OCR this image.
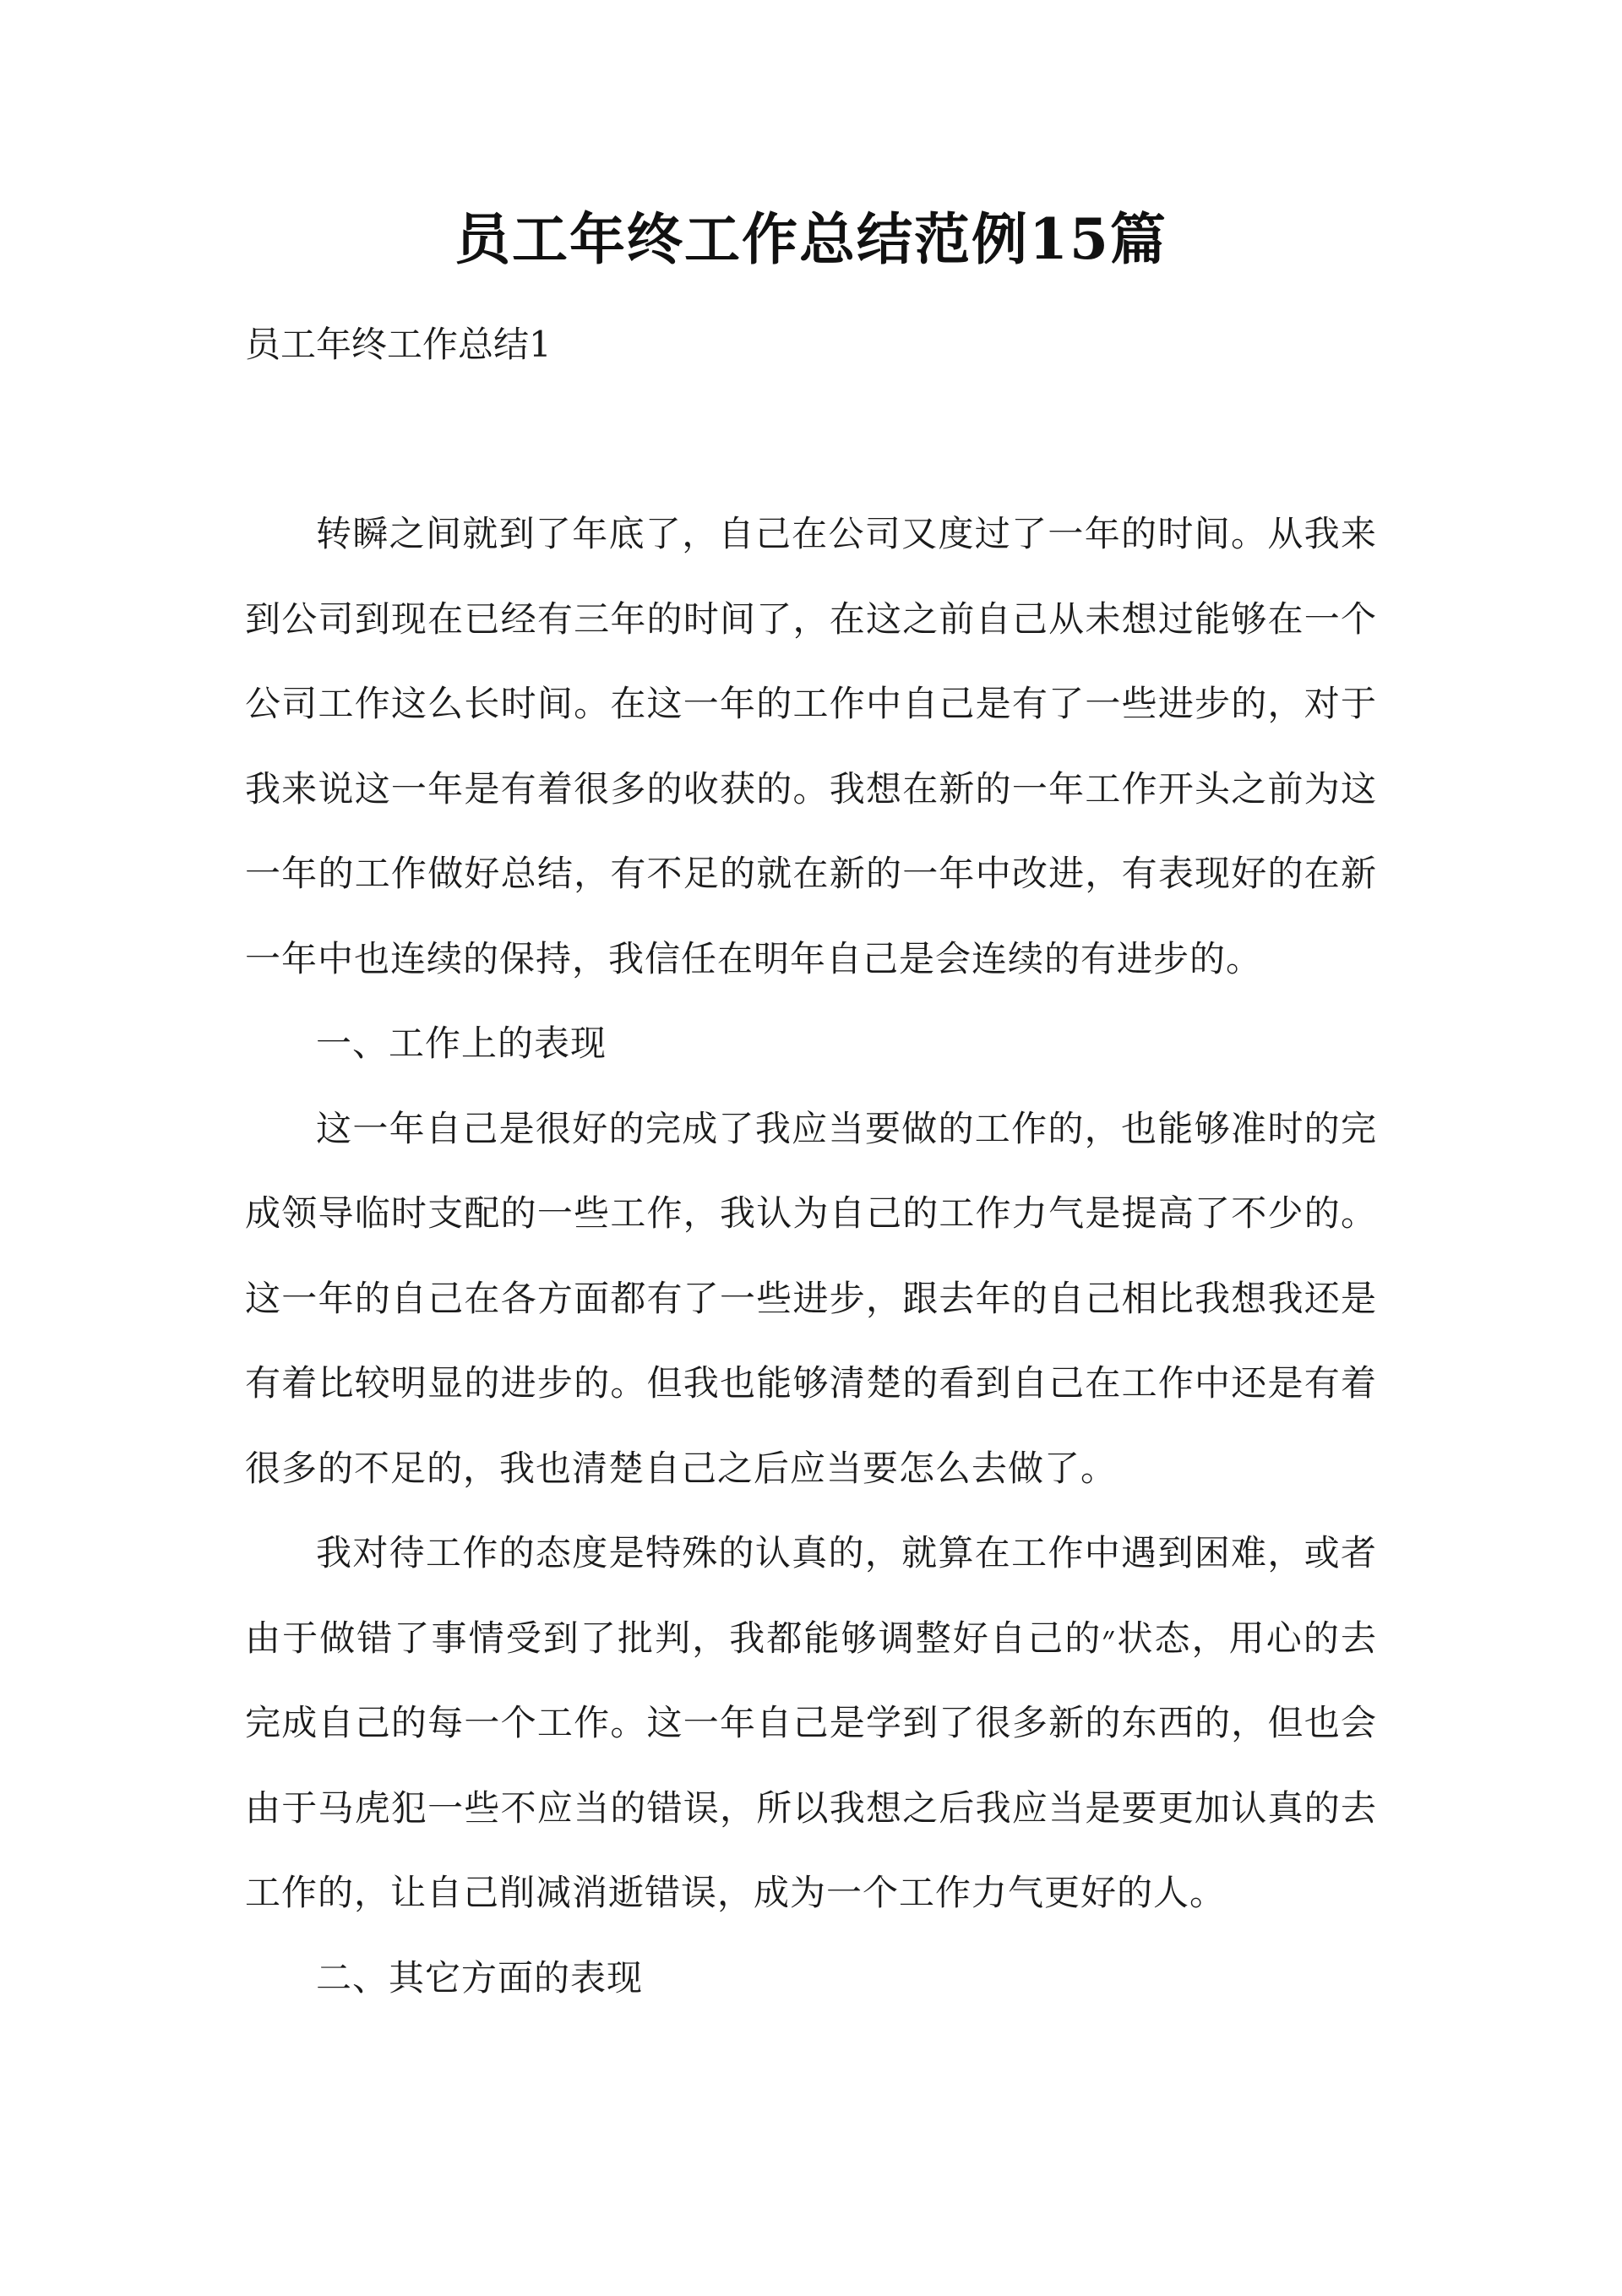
员工年终工作总结范例15篇
员工年终工作总结1

转瞬之间就到了年底了，自己在公司又度过了一年的时间。从我来到公司到现在已经有三年的时间了，在这之前自己从未想过能够在一个公司工作这么长时间。在这一年的工作中自己是有了一些进步的，对于我来说这一年是有着很多的收获的。我想在新的一年工作开头之前为这一年的工作做好总结，有不足的就在新的一年中改进，有表现好的在新一年中也连续的保持，我信任在明年自己是会连续的有进步的。

一、工作上的表现

这一年自己是很好的完成了我应当要做的工作的，也能够准时的完成领导临时支配的一些工作，我认为自己的工作力气是提高了不少的。这一年的自己在各方面都有了一些进步，跟去年的自己相比我想我还是有着比较明显的进步的。但我也能够清楚的看到自己在工作中还是有着很多的不足的，我也清楚自己之后应当要怎么去做了。

我对待工作的态度是特殊的认真的，就算在工作中遇到困难，或者由于做错了事情受到了批判，我都能够调整好自己的״状态，用心的去完成自己的每一个工作。这一年自己是学到了很多新的东西的，但也会由于马虎犯一些不应当的错误，所以我想之后我应当是要更加认真的去工作的，让自己削减消逝错误，成为一个工作力气更好的人。

二、其它方面的表现
